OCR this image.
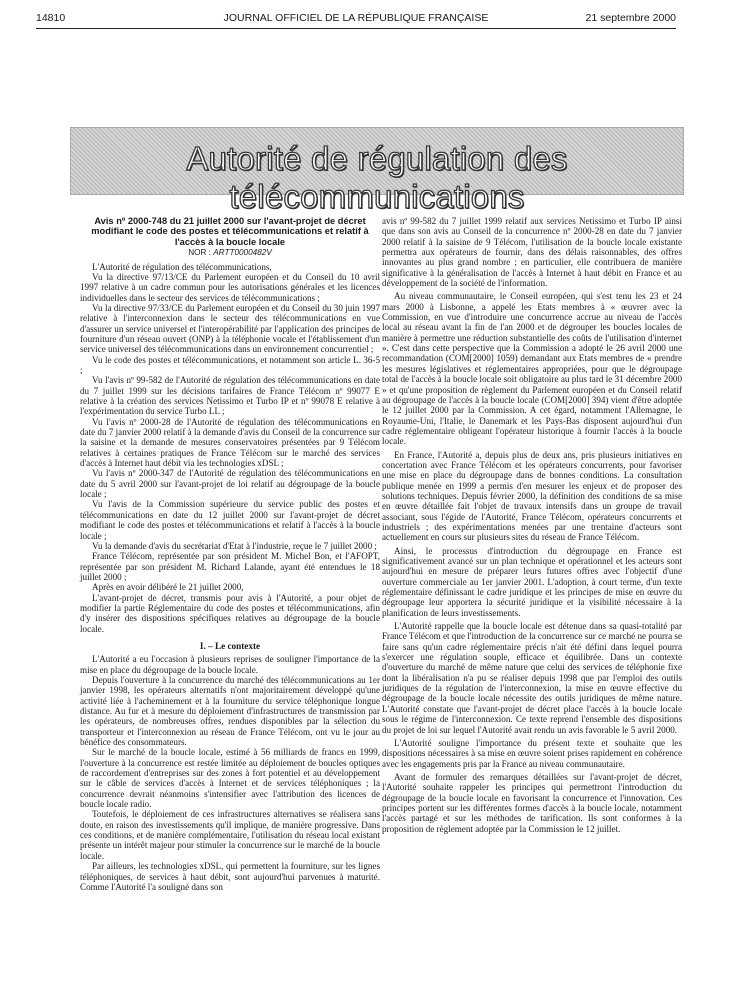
14810	JOURNAL OFFICIEL DE LA RÉPUBLIQUE FRANÇAISE	21 septembre 2000
Autorité de régulation des télécommunications
Avis nº 2000-748 du 21 juillet 2000 sur l'avant-projet de décret modifiant le code des postes et télécommunications et relatif à l'accès à la boucle locale
NOR : ARTT0000482V

L'Autorité de régulation des télécommunications,

Vu la directive 97/13/CE du Parlement européen et du Conseil du 10 avril 1997 relative à un cadre commun pour les autorisations générales et les licences individuelles dans le secteur des services de télécommunications ;

Vu la directive 97/33/CE du Parlement européen et du Conseil du 30 juin 1997 relative à l'interconnexion dans le secteur des télécommunications en vue d'assurer un service universel et l'interopérabilité par l'application des principes de fourniture d'un réseau ouvert (ONP) à la téléphonie vocale et l'établissement d'un service universel des télécommunications dans un environnement concurrentiel ;

Vu le code des postes et télécommunications, et notamment son article L. 36-5 ;

Vu l'avis nº 99-582 de l'Autorité de régulation des télécommunications en date du 7 juillet 1999 sur les décisions tarifaires de France Télécom nº 99077 E relative à la création des services Netissimo et Turbo IP et nº 99078 E relative à l'expérimentation du service Turbo LL ;

Vu l'avis nº 2000-28 de l'Autorité de régulation des télécommunications en date du 7 janvier 2000 relatif à la demande d'avis du Conseil de la concurrence sur la saisine et la demande de mesures conservatoires présentées par 9 Télécom relatives à certaines pratiques de France Télécom sur le marché des services d'accès à Internet haut débit via les technologies xDSL ;

Vu l'avis nº 2000-347 de l'Autorité de régulation des télécommunications en date du 5 avril 2000 sur l'avant-projet de loi relatif au dégroupage de la boucle locale ;

Vu l'avis de la Commission supérieure du service public des postes et télécommunications en date du 12 juillet 2000 sur l'avant-projet de décret modifiant le code des postes et télécommunications et relatif à l'accès à la boucle locale ;

Vu la demande d'avis du secrétariat d'Etat à l'industrie, reçue le 7 juillet 2000 ;

France Télécom, représentée par son président M. Michel Bon, et l'AFOPT, représentée par son président M. Richard Lalande, ayant été entendues le 18 juillet 2000 ;

Après en avoir délibéré le 21 juillet 2000,

L'avant-projet de décret, transmis pour avis à l'Autorité, a pour objet de modifier la partie Réglementaire du code des postes et télécommunications, afin d'y insérer des dispositions spécifiques relatives au dégroupage de la boucle locale.

I. – Le contexte

L'Autorité a eu l'occasion à plusieurs reprises de souligner l'importance de la mise en place du dégroupage de la boucle locale.

Depuis l'ouverture à la concurrence du marché des télécommunications au 1er janvier 1998, les opérateurs alternatifs n'ont majoritairement développé qu'une activité liée à l'acheminement et à la fourniture du service téléphonique longue distance. Au fur et à mesure du déploiement d'infrastructures de transmission par les opérateurs, de nombreuses offres, rendues disponibles par la sélection du transporteur et l'interconnexion au réseau de France Télécom, ont vu le jour au bénéfice des consommateurs.

Sur le marché de la boucle locale, estimé à 56 milliards de francs en 1999, l'ouverture à la concurrence est restée limitée au déploiement de boucles optiques de raccordement d'entreprises sur des zones à fort potentiel et au développement sur le câble de services d'accès à Internet et de services téléphoniques ; la concurrence devrait néanmoins s'intensifier avec l'attribution des licences de boucle locale radio.

Toutefois, le déploiement de ces infrastructures alternatives se réalisera sans doute, en raison des investissements qu'il implique, de manière progressive. Dans ces conditions, et de manière complémentaire, l'utilisation du réseau local existant présente un intérêt majeur pour stimuler la concurrence sur le marché de la boucle locale.

Par ailleurs, les technologies xDSL, qui permettent la fourniture, sur les lignes téléphoniques, de services à haut débit, sont aujourd'hui parvenues à maturité. Comme l'Autorité l'a souligné dans son

avis nº 99-582 du 7 juillet 1999 relatif aux services Netissimo et Turbo IP ainsi que dans son avis au Conseil de la concurrence nº 2000-28 en date du 7 janvier 2000 relatif à la saisine de 9 Télécom, l'utilisation de la boucle locale existante permettra aux opérateurs de fournir, dans des délais raisonnables, des offres innovantes au plus grand nombre ; en particulier, elle contribuera de manière significative à la généralisation de l'accès à Internet à haut débit en France et au développement de la société de l'information.

Au niveau communautaire, le Conseil européen, qui s'est tenu les 23 et 24 mars 2000 à Lisbonne, a appelé les Etats membres à « œuvrer avec la Commission, en vue d'introduire une concurrence accrue au niveau de l'accès local au réseau avant la fin de l'an 2000 et de dégrouper les boucles locales de manière à permettre une réduction substantielle des coûts de l'utilisation d'internet ». C'est dans cette perspective que la Commission a adopté le 26 avril 2000 une recommandation (COM[2000] 1059) demandant aux Etats membres de « prendre les mesures législatives et réglementaires appropriées, pour que le dégroupage total de l'accès à la boucle locale soit obligatoire au plus tard le 31 décembre 2000 » et qu'une proposition de règlement du Parlement européen et du Conseil relatif au dégroupage de l'accès à la boucle locale (COM[2000] 394) vient d'être adoptée le 12 juillet 2000 par la Commission. A cet égard, notamment l'Allemagne, le Royaume-Uni, l'Italie, le Danemark et les Pays-Bas disposent aujourd'hui d'un cadre réglementaire obligeant l'opérateur historique à fournir l'accès à la boucle locale.

En France, l'Autorité a, depuis plus de deux ans, pris plusieurs initiatives en concertation avec France Télécom et les opérateurs concurrents, pour favoriser une mise en place du dégroupage dans de bonnes conditions. La consultation publique menée en 1999 a permis d'en mesurer les enjeux et de proposer des solutions techniques. Depuis février 2000, la définition des conditions de sa mise en œuvre détaillée fait l'objet de travaux intensifs dans un groupe de travail associant, sous l'égide de l'Autorité, France Télécom, opérateurs concurrents et industriels ; des expérimentations menées par une trentaine d'acteurs sont actuellement en cours sur plusieurs sites du réseau de France Télécom.

Ainsi, le processus d'introduction du dégroupage en France est significativement avancé sur un plan technique et opérationnel et les acteurs sont aujourd'hui en mesure de préparer leurs futures offres avec l'objectif d'une ouverture commerciale au 1er janvier 2001. L'adoption, à court terme, d'un texte réglementaire définissant le cadre juridique et les principes de mise en œuvre du dégroupage leur apportera la sécurité juridique et la visibilité nécessaire à la planification de leurs investissements.

L'Autorité rappelle que la boucle locale est détenue dans sa quasi-totalité par France Télécom et que l'introduction de la concurrence sur ce marché ne pourra se faire sans qu'un cadre réglementaire précis n'ait été défini dans lequel pourra s'exercer une régulation souple, efficace et équilibrée. Dans un contexte d'ouverture du marché de même nature que celui des services de téléphonie fixe dont la libéralisation n'a pu se réaliser depuis 1998 que par l'emploi des outils juridiques de la régulation de l'interconnexion, la mise en œuvre effective du dégroupage de la boucle locale nécessite des outils juridiques de même nature. L'Autorité constate que l'avant-projet de décret place l'accès à la boucle locale sous le régime de l'interconnexion. Ce texte reprend l'ensemble des dispositions du projet de loi sur lequel l'Autorité avait rendu un avis favorable le 5 avril 2000.

L'Autorité souligne l'importance du présent texte et souhaite que les dispositions nécessaires à sa mise en œuvre soient prises rapidement en cohérence avec les engagements pris par la France au niveau communautaire.

Avant de formuler des remarques détaillées sur l'avant-projet de décret, l'Autorité souhaite rappeler les principes qui permettront l'introduction du dégroupage de la boucle locale en favorisant la concurrence et l'innovation. Ces principes portent sur les différentes formes d'accès à la boucle locale, notamment l'accès partagé et sur les méthodes de tarification. Ils sont conformes à la proposition de règlement adoptée par la Commission le 12 juillet.
